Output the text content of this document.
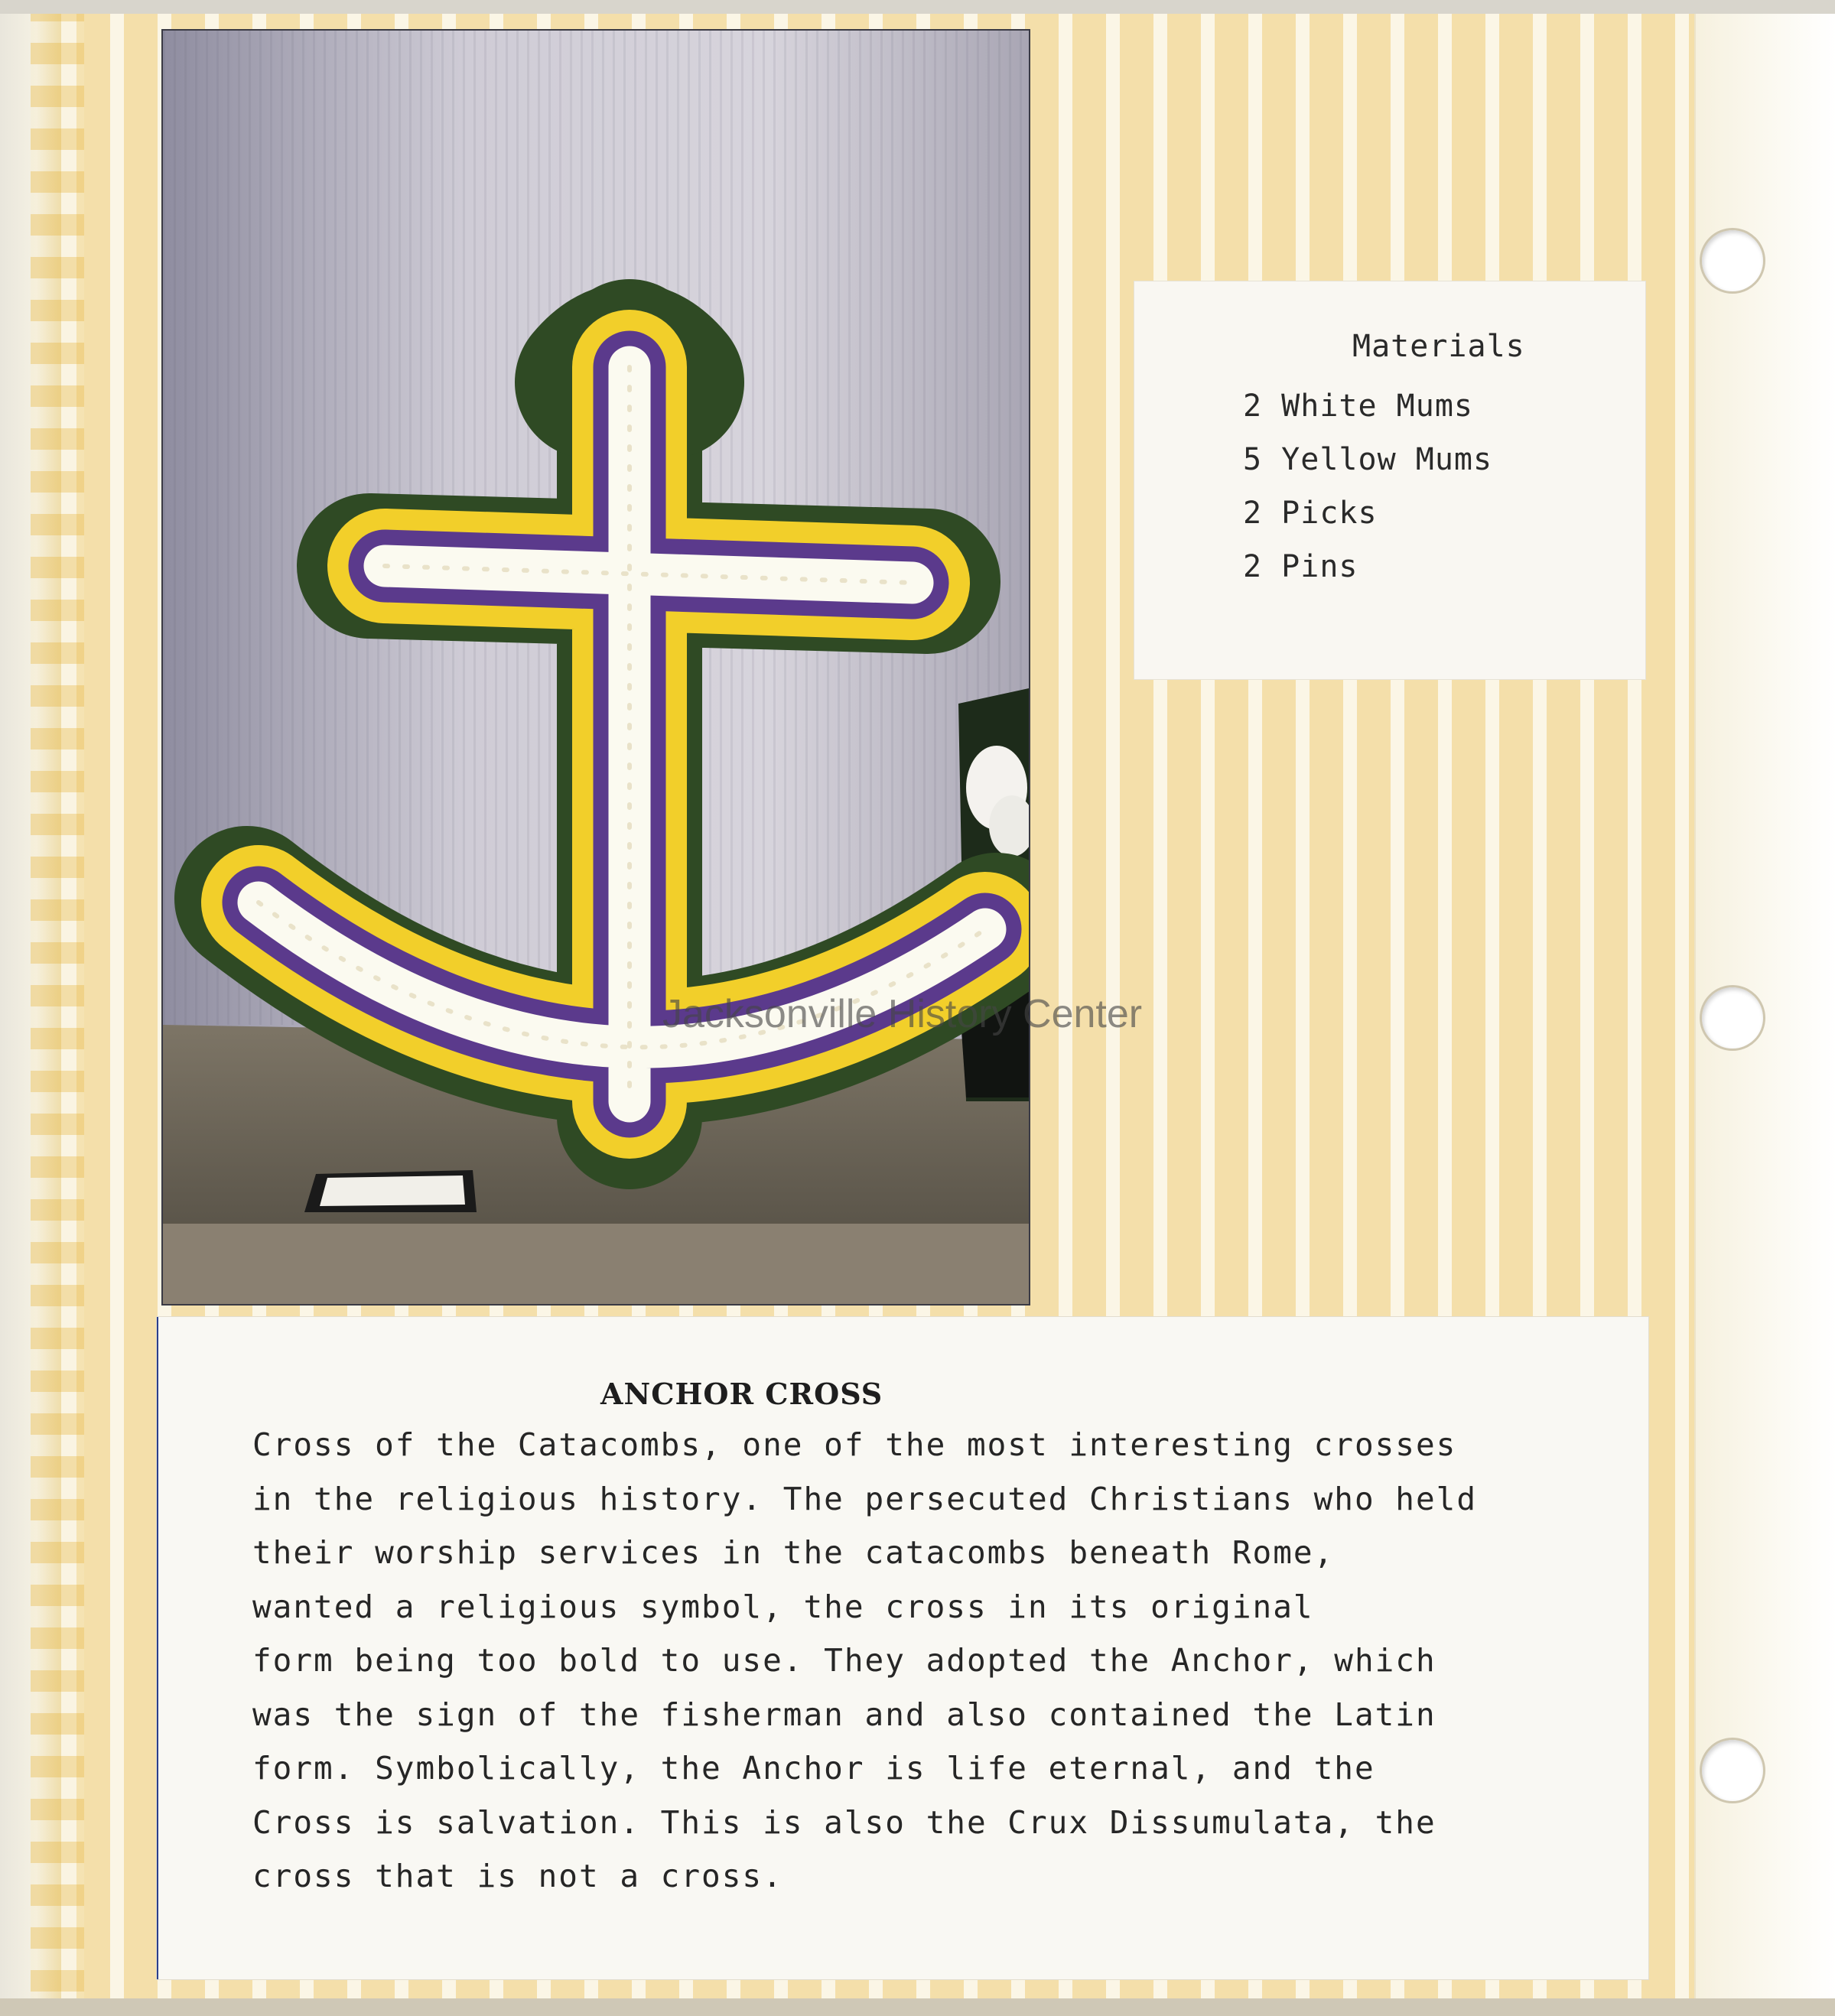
Jacksonville History Center

Materials

2 White Mums
5 Yellow Mums
2 Picks
2 Pins
ANCHOR CROSS
Cross of the Catacombs, one of the most interesting crosses
in the religious history. The persecuted Christians who held
their worship services in the catacombs beneath Rome,
wanted a religious symbol, the cross in its original
form being too bold to use. They adopted the Anchor, which
was the sign of the fisherman and also contained the Latin
form. Symbolically, the Anchor is life eternal, and the
Cross is salvation. This is also the Crux Dissumulata, the
cross that is not a cross.
